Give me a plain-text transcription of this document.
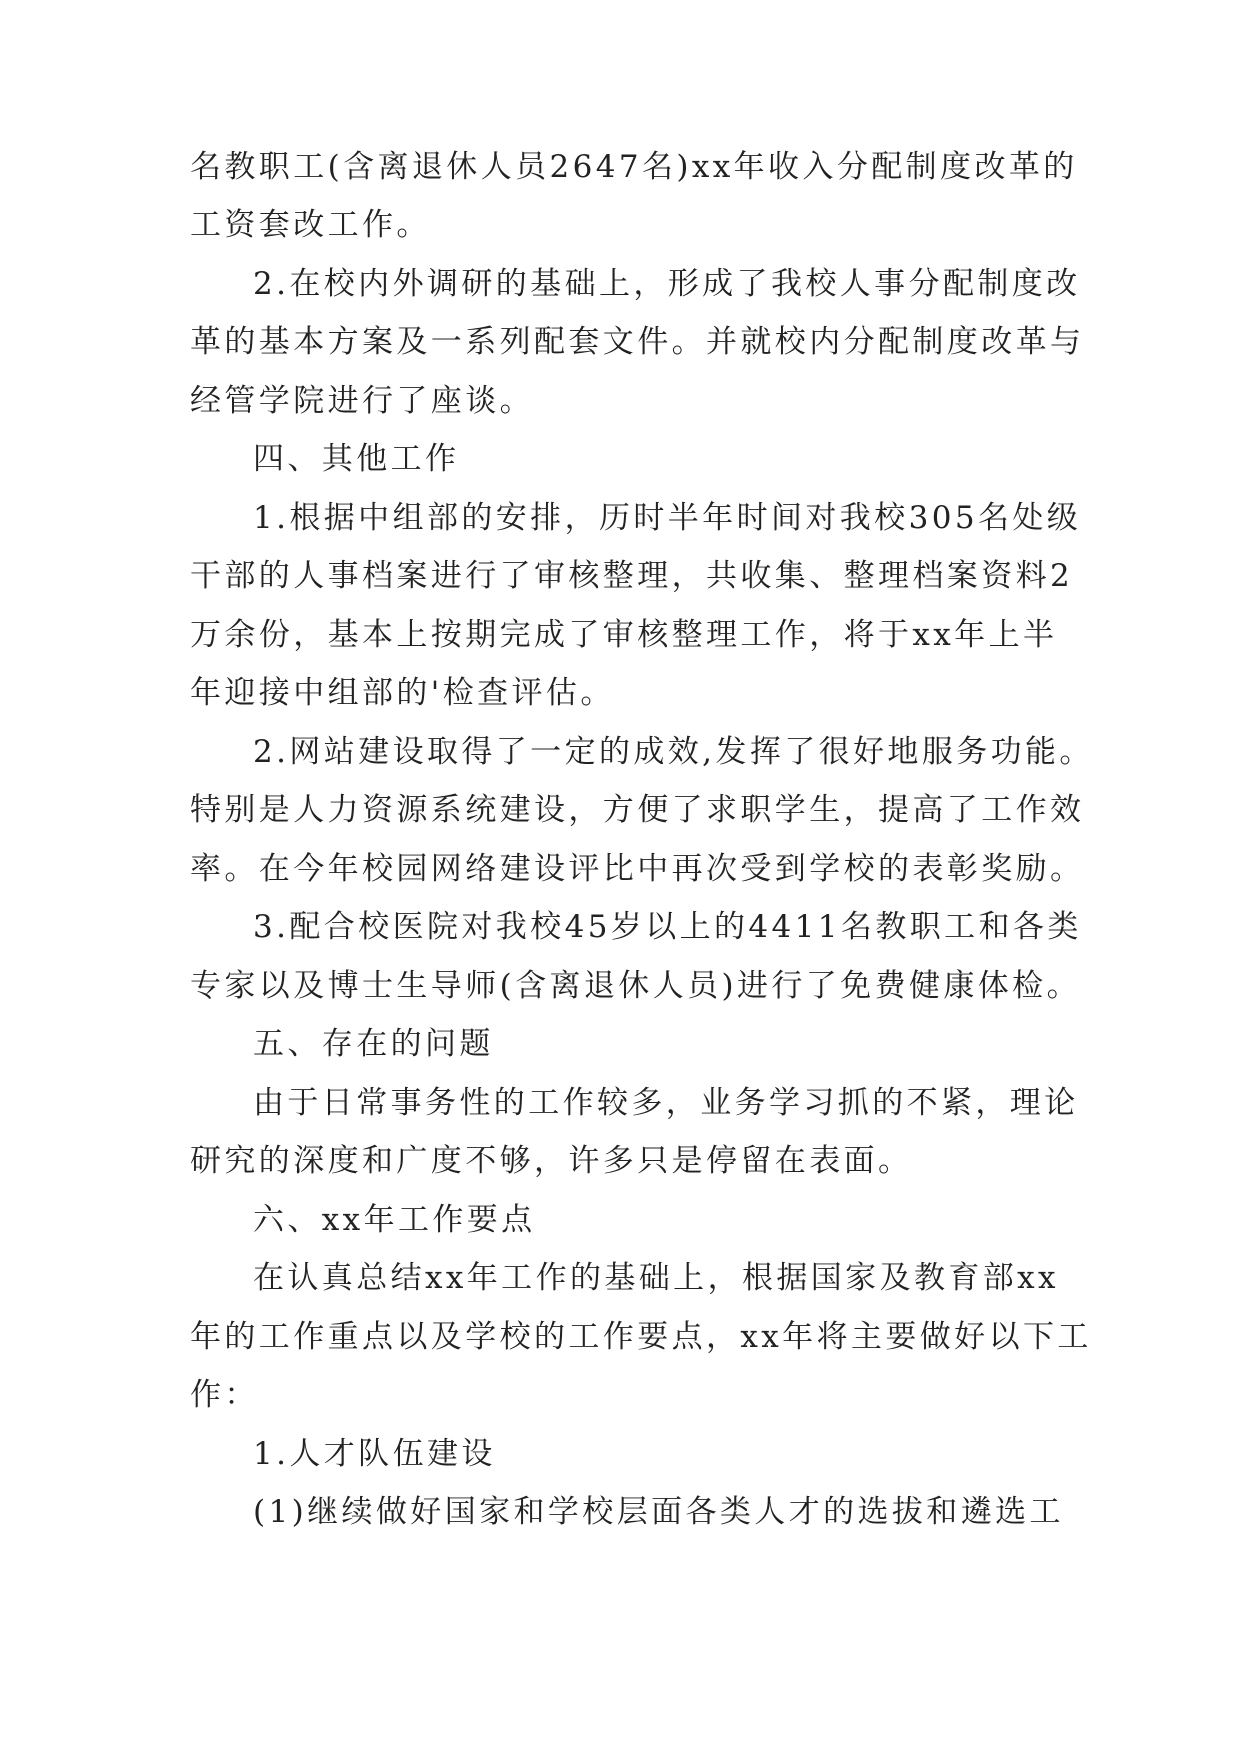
名教职工(含离退休人员2647名)xx年收入分配制度改革的
工资套改工作。
2.在校内外调研的基础上，形成了我校人事分配制度改
革的基本方案及一系列配套文件。并就校内分配制度改革与
经管学院进行了座谈。
四、其他工作
1.根据中组部的安排，历时半年时间对我校305名处级
干部的人事档案进行了审核整理，共收集、整理档案资料2
万余份，基本上按期完成了审核整理工作，将于xx年上半
年迎接中组部的'检查评估。
2.网站建设取得了一定的成效,发挥了很好地服务功能。
特别是人力资源系统建设，方便了求职学生，提高了工作效
率。在今年校园网络建设评比中再次受到学校的表彰奖励。
3.配合校医院对我校45岁以上的4411名教职工和各类
专家以及博士生导师(含离退休人员)进行了免费健康体检。
五、存在的问题
由于日常事务性的工作较多，业务学习抓的不紧，理论
研究的深度和广度不够，许多只是停留在表面。
六、xx年工作要点
在认真总结xx年工作的基础上，根据国家及教育部xx
年的工作重点以及学校的工作要点，xx年将主要做好以下工
作：
1.人才队伍建设
(1)继续做好国家和学校层面各类人才的选拔和遴选工
